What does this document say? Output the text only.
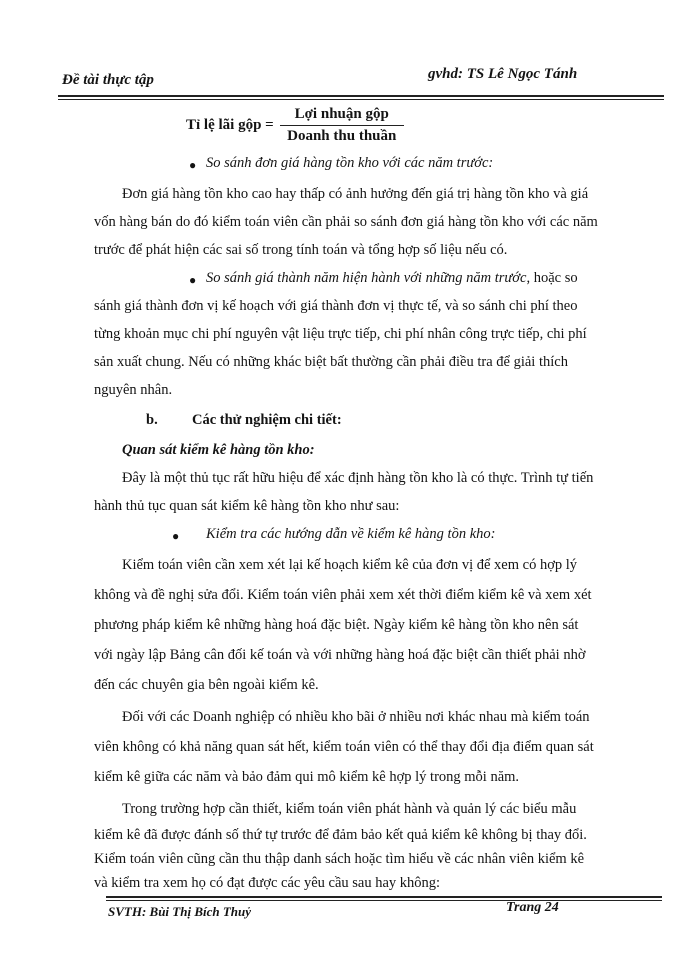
Đề tài thực tập	gvhd: TS Lê Ngọc Tánh
Tỉ lệ lãi gộp = $\frac{\text{Lợi nhuận gộp}}{\text{Doanh thu thuần}}$
● So sánh đơn giá hàng tồn kho với các năm trước:
Đơn giá hàng tồn kho cao hay thấp có ảnh hưởng đến giá trị hàng tồn kho và giá
vốn hàng bán do đó kiểm toán viên cần phải so sánh đơn giá hàng tồn kho với các năm
trước để phát hiện các sai số trong tính toán và tổng hợp số liệu nếu có.
● So sánh giá thành năm hiện hành với những năm trước, hoặc so
sánh giá thành đơn vị kế hoạch với giá thành đơn vị thực tế, và so sánh chi phí theo
từng khoản mục chi phí nguyên vật liệu trực tiếp, chi phí nhân công trực tiếp, chi phí
sản xuất chung. Nếu có những khác biệt bất thường cần phải điều tra để giải thích
nguyên nhân.
b. Các thử nghiệm chi tiết:
Quan sát kiểm kê hàng tồn kho:
Đây là một thủ tục rất hữu hiệu để xác định hàng tồn kho là có thực. Trình tự tiến
hành thủ tục quan sát kiểm kê hàng tồn kho như sau:
● Kiểm tra các hướng dẫn về kiểm kê hàng tồn kho:
Kiểm toán viên cần xem xét lại kế hoạch kiểm kê của đơn vị để xem có hợp lý
không và đề nghị sửa đổi. Kiểm toán viên phải xem xét thời điểm kiểm kê và xem xét
phương pháp kiểm kê những hàng hoá đặc biệt. Ngày kiểm kê hàng tồn kho nên sát
với ngày lập Bảng cân đối kế toán và với những hàng hoá đặc biệt cần thiết phải nhờ
đến các chuyên gia bên ngoài kiểm kê.
Đối với các Doanh nghiệp có nhiều kho bãi ở nhiều nơi khác nhau mà kiểm toán
viên không có khả năng quan sát hết, kiểm toán viên có thể thay đổi địa điểm quan sát
kiểm kê giữa các năm và bảo đảm qui mô kiểm kê hợp lý trong mỗi năm.
Trong trường hợp cần thiết, kiểm toán viên phát hành và quản lý các biểu mẫu
kiểm kê đã được đánh số thứ tự trước để đảm bảo kết quả kiểm kê không bị thay đổi.
Kiểm toán viên cũng cần thu thập danh sách hoặc tìm hiểu về các nhân viên kiểm kê
và kiểm tra xem họ có đạt được các yêu cầu sau hay không:
SVTH: Bùi Thị Bích Thuỷ	Trang 24
